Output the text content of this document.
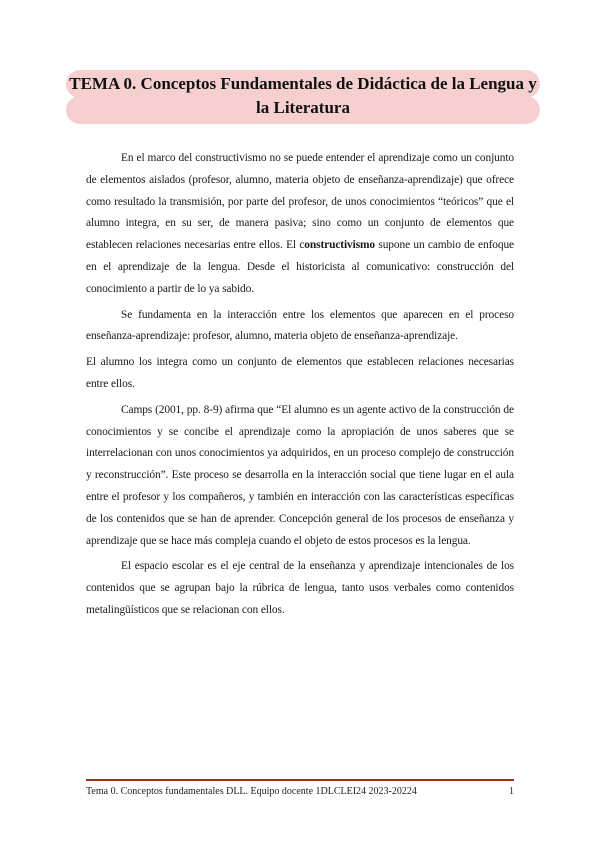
TEMA 0. Conceptos Fundamentales de Didáctica de la Lengua y la Literatura

En el marco del constructivismo no se puede entender el aprendizaje como un conjunto de elementos aislados (profesor, alumno, materia objeto de enseñanza-aprendizaje) que ofrece como resultado la transmisión, por parte del profesor, de unos conocimientos “teóricos” que el alumno integra, en su ser, de manera pasiva; sino como un conjunto de elementos que establecen relaciones necesarias entre ellos. El constructivismo supone un cambio de enfoque en el aprendizaje de la lengua. Desde el historicista al comunicativo: construcción del conocimiento a partir de lo ya sabido.

Se fundamenta en la interacción entre los elementos que aparecen en el proceso enseñanza-aprendizaje: profesor, alumno, materia objeto de enseñanza-aprendizaje.

El alumno los integra como un conjunto de elementos que establecen relaciones necesarias entre ellos.

Camps (2001, pp. 8-9) afirma que “El alumno es un agente activo de la construcción de conocimientos y se concibe el aprendizaje como la apropiación de unos saberes que se interrelacionan con unos conocimientos ya adquiridos, en un proceso complejo de construcción y reconstrucción”. Este proceso se desarrolla en la interacción social que tiene lugar en el aula entre el profesor y los compañeros, y también en interacción con las características específicas de los contenidos que se han de aprender. Concepción general de los procesos de enseñanza y aprendizaje que se hace más compleja cuando el objeto de estos procesos es la lengua.

El espacio escolar es el eje central de la enseñanza y aprendizaje intencionales de los contenidos que se agrupan bajo la rúbrica de lengua, tanto usos verbales como contenidos metalingüísticos que se relacionan con ellos.

Tema 0. Conceptos fundamentales DLL. Equipo docente 1DLCLEI24 2023-20224	1
